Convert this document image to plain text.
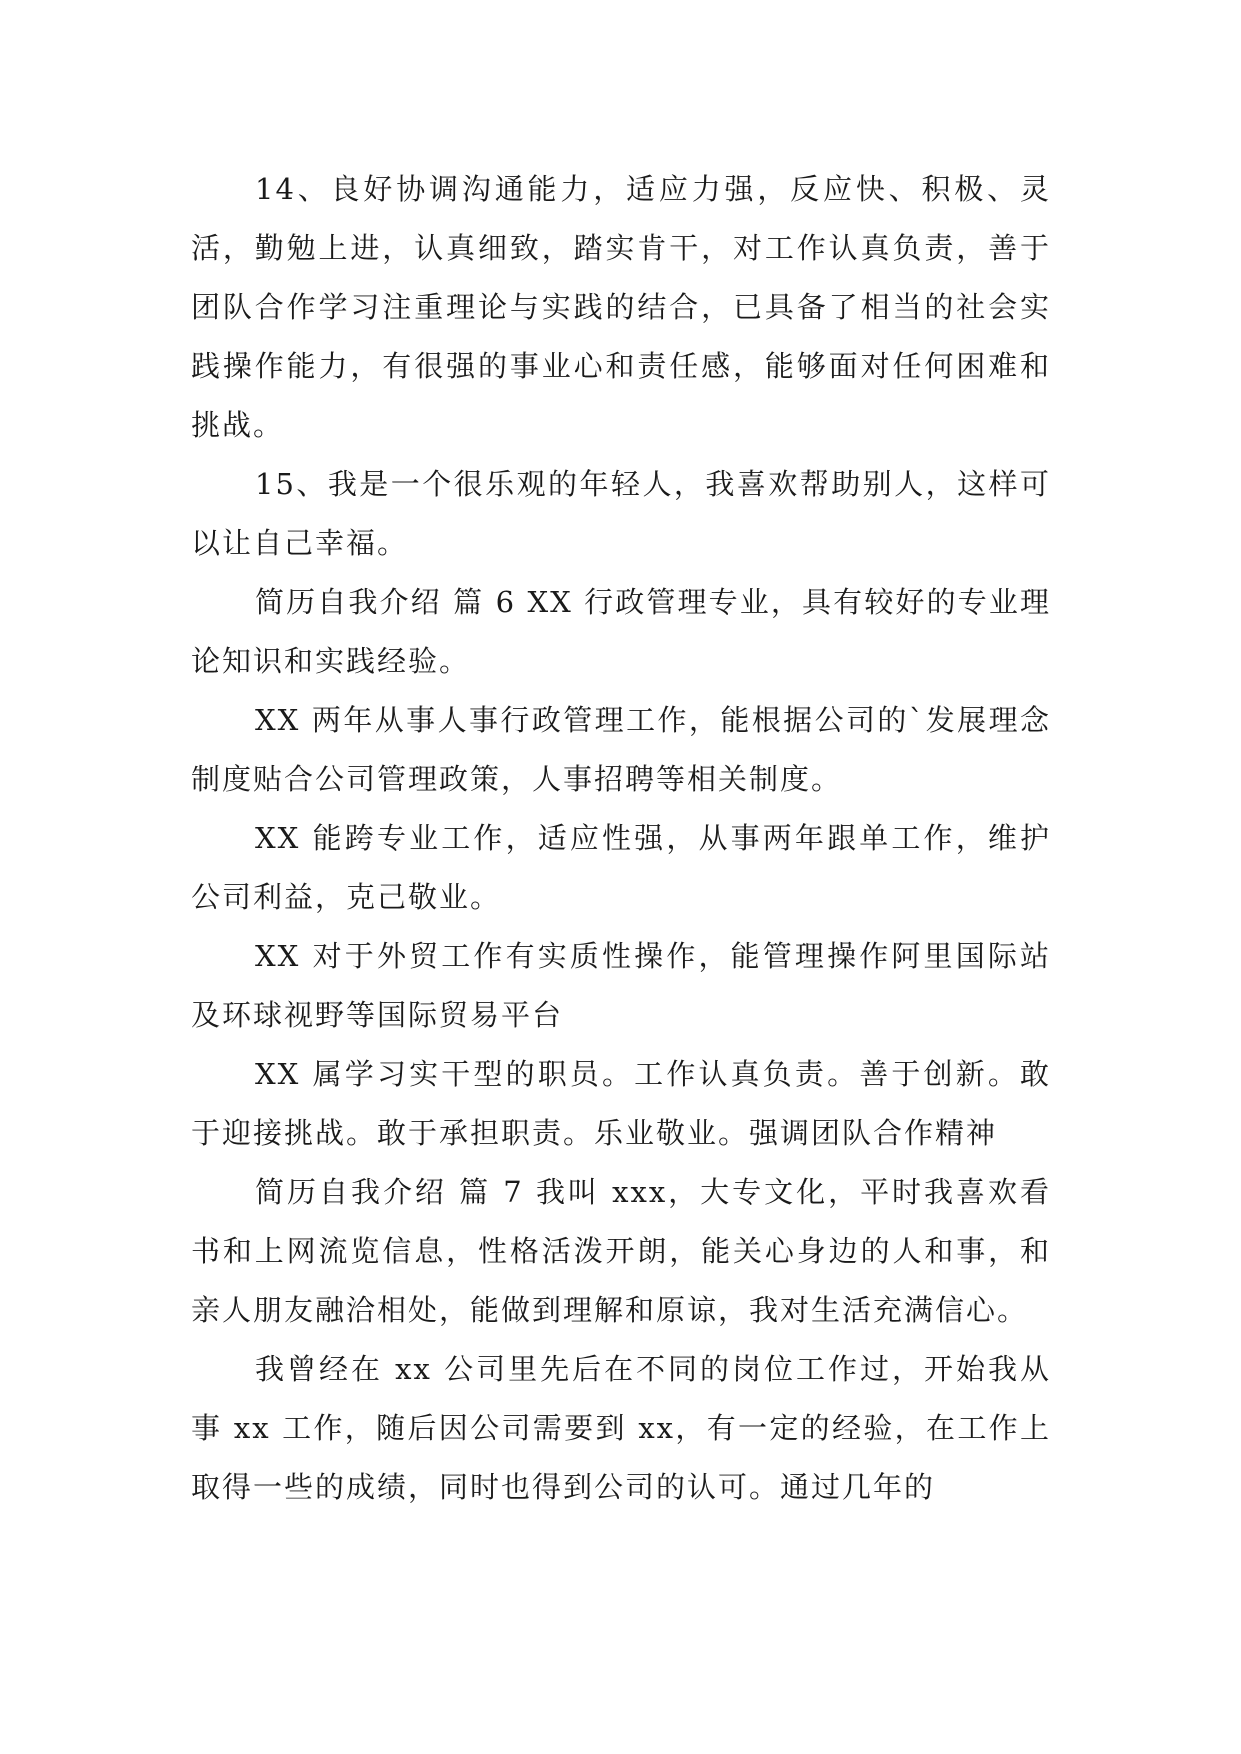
14、良好协调沟通能力，适应力强，反应快、积极、灵活，勤勉上进，认真细致，踏实肯干，对工作认真负责，善于团队合作学习注重理论与实践的结合，已具备了相当的社会实践操作能力，有很强的事业心和责任感，能够面对任何困难和挑战。

15、我是一个很乐观的年轻人，我喜欢帮助别人，这样可以让自己幸福。

简历自我介绍 篇 6 XX 行政管理专业，具有较好的专业理论知识和实践经验。

XX 两年从事人事行政管理工作，能根据公司的`发展理念制度贴合公司管理政策，人事招聘等相关制度。

XX 能跨专业工作，适应性强，从事两年跟单工作，维护公司利益，克己敬业。

XX 对于外贸工作有实质性操作，能管理操作阿里国际站及环球视野等国际贸易平台

XX 属学习实干型的职员。工作认真负责。善于创新。敢于迎接挑战。敢于承担职责。乐业敬业。强调团队合作精神

简历自我介绍 篇 7 我叫 xxx，大专文化，平时我喜欢看书和上网流览信息，性格活泼开朗，能关心身边的人和事，和亲人朋友融洽相处，能做到理解和原谅，我对生活充满信心。

我曾经在 xx 公司里先后在不同的岗位工作过，开始我从事 xx 工作，随后因公司需要到 xx，有一定的经验，在工作上取得一些的成绩，同时也得到公司的认可。通过几年的
